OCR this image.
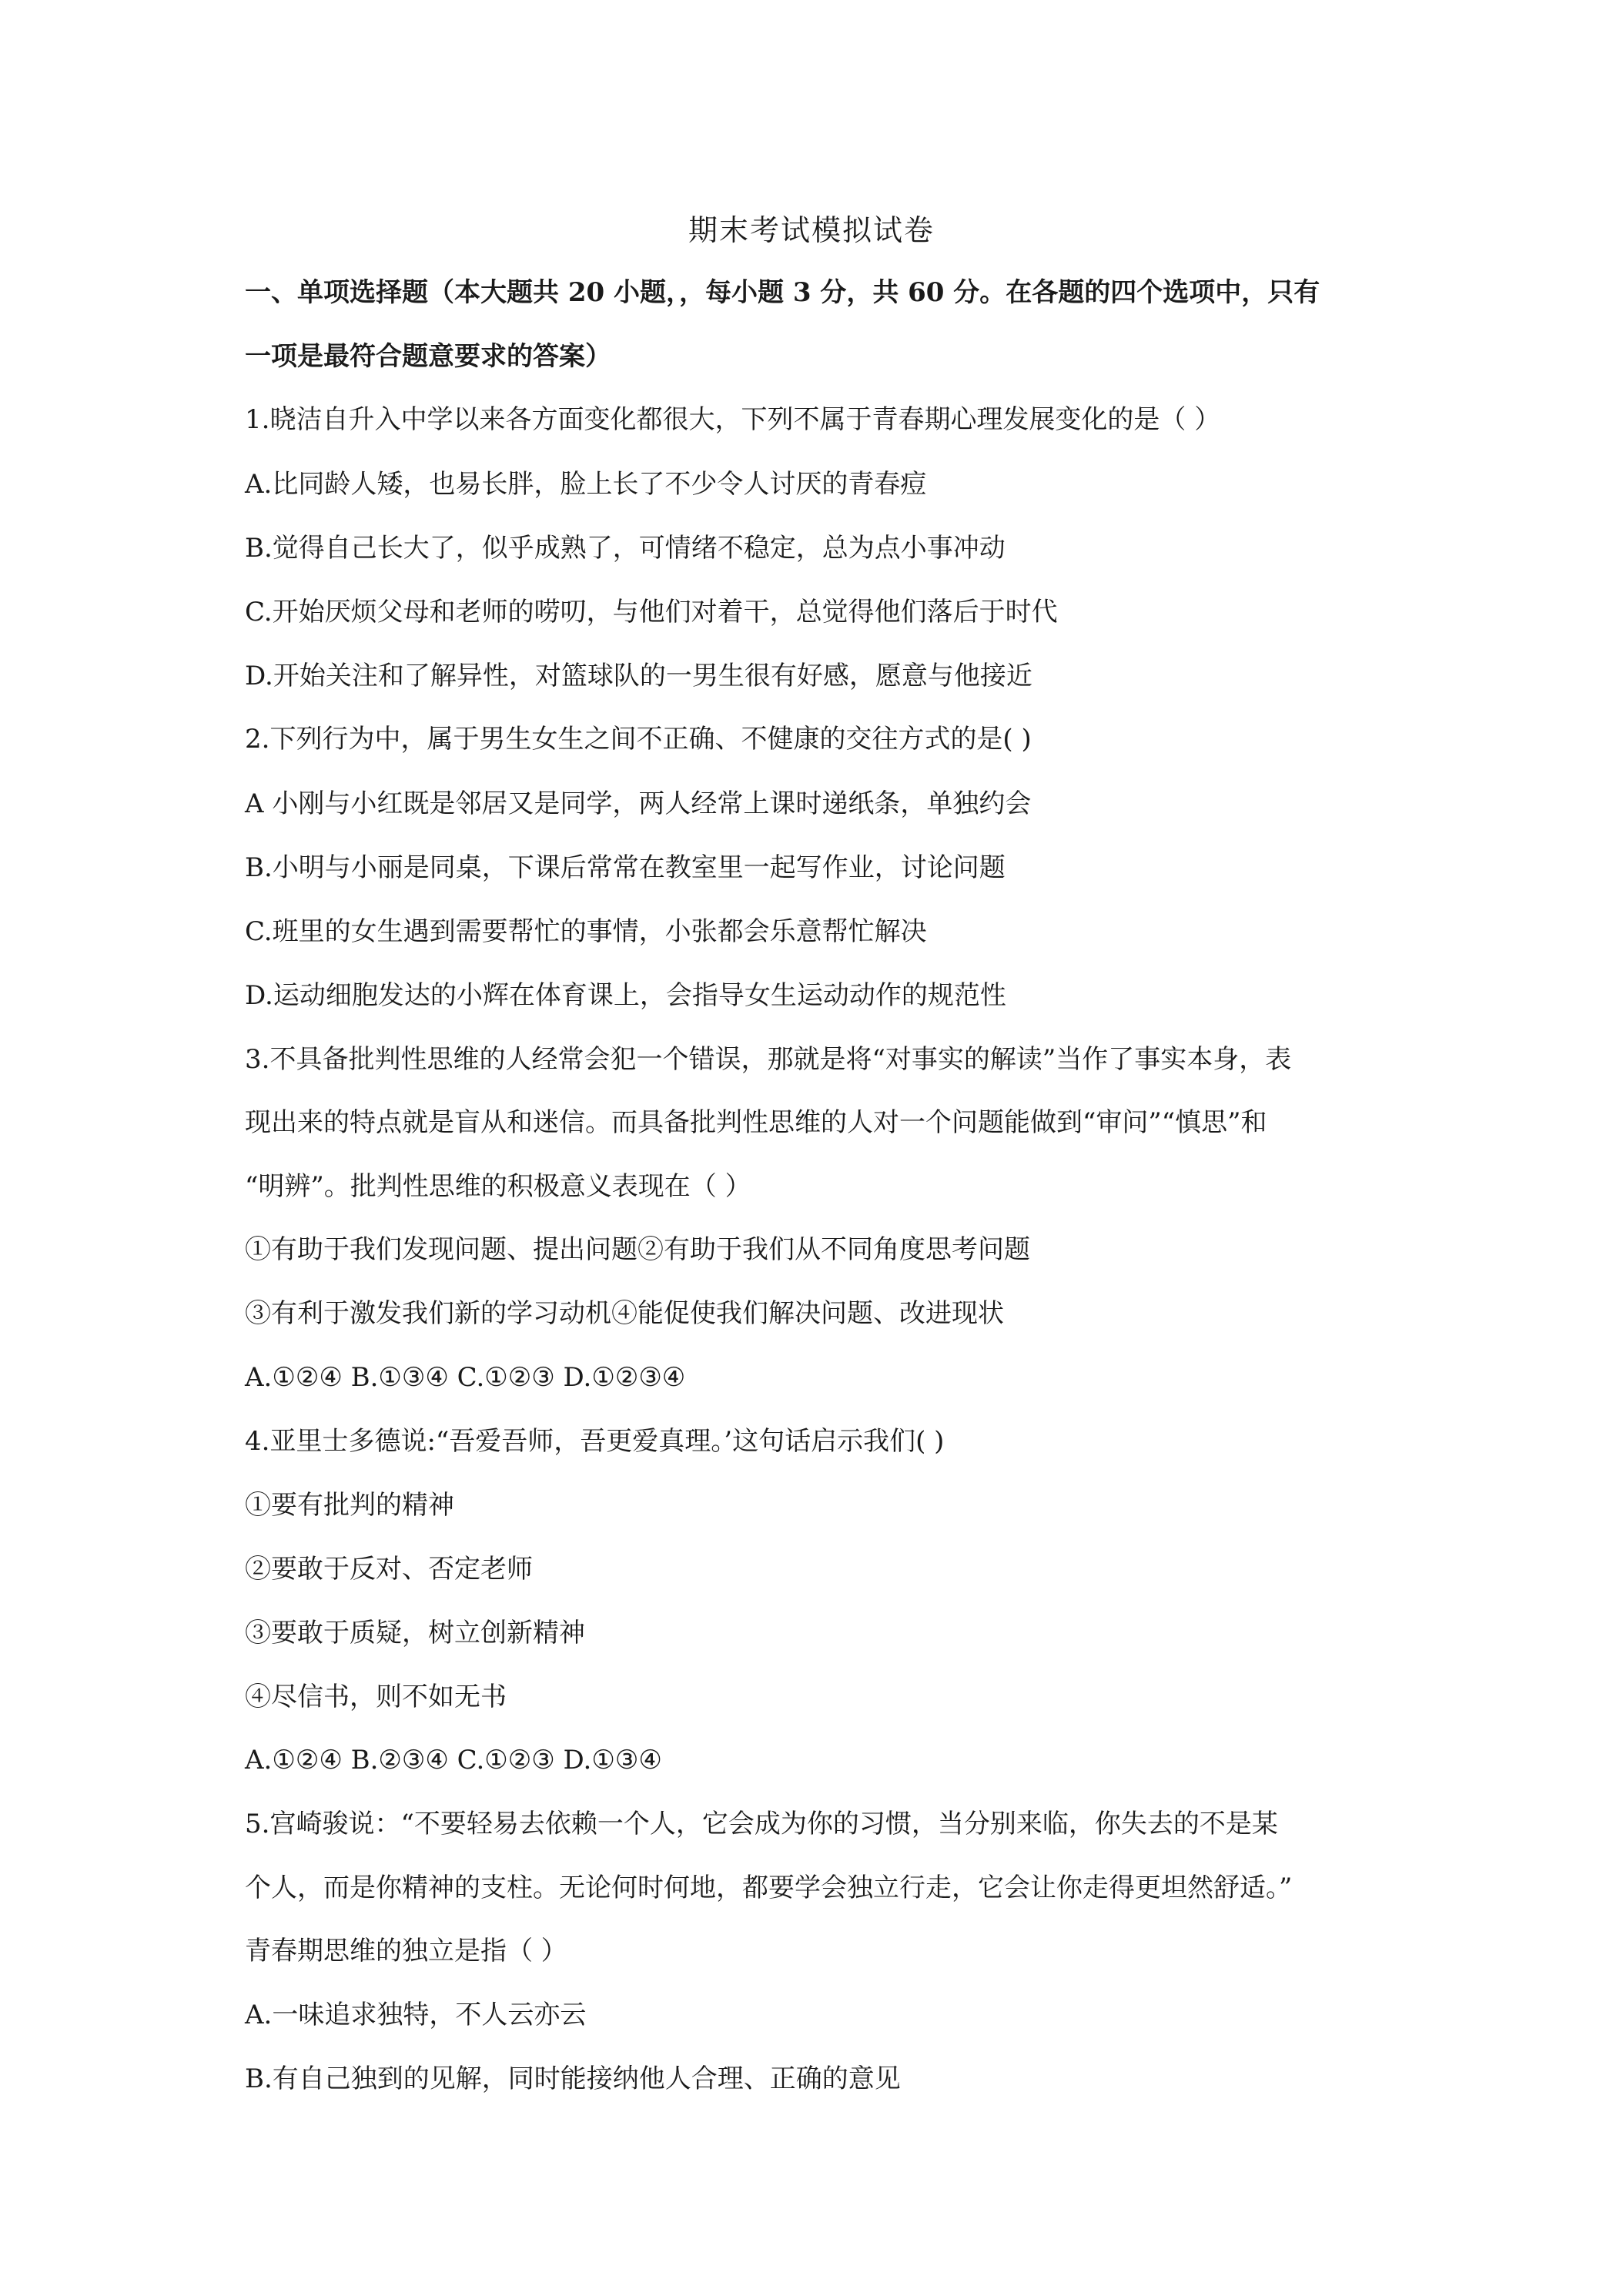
期末考试模拟试卷
一、单项选择题（本大题共 20 小题，，每小题 3 分，共 60 分。在各题的四个选项中，只有
一项是最符合题意要求的答案）
1.晓洁自升入中学以来各方面变化都很大，下列不属于青春期心理发展变化的是（ ）
A.比同龄人矮，也易长胖，脸上长了不少令人讨厌的青春痘
B.觉得自己长大了，似乎成熟了，可情绪不稳定，总为点小事冲动
C.开始厌烦父母和老师的唠叨，与他们对着干，总觉得他们落后于时代
D.开始关注和了解异性，对篮球队的一男生很有好感，愿意与他接近
2.下列行为中，属于男生女生之间不正确、不健康的交往方式的是( )
A 小刚与小红既是邻居又是同学，两人经常上课时递纸条，单独约会
B.小明与小丽是同桌，下课后常常在教室里一起写作业，讨论问题
C.班里的女生遇到需要帮忙的事情，小张都会乐意帮忙解决
D.运动细胞发达的小辉在体育课上，会指导女生运动动作的规范性
3.不具备批判性思维的人经常会犯一个错误，那就是将“对事实的解读”当作了事实本身，表
现出来的特点就是盲从和迷信。而具备批判性思维的人对一个问题能做到“审问”“慎思”和
“明辨”。批判性思维的积极意义表现在（ ）
①有助于我们发现问题、提出问题②有助于我们从不同角度思考问题
③有利于激发我们新的学习动机④能促使我们解决问题、改进现状
A.①②④ B.①③④ C.①②③ D.①②③④
4.亚里士多德说:“吾爱吾师，吾更爱真理。’这句话启示我们( )
①要有批判的精神
②要敢于反对、否定老师
③要敢于质疑，树立创新精神
④尽信书，则不如无书
A.①②④ B.②③④ C.①②③ D.①③④
5.宫崎骏说：“不要轻易去依赖一个人，它会成为你的习惯，当分别来临，你失去的不是某
个人，而是你精神的支柱。无论何时何地，都要学会独立行走，它会让你走得更坦然舒适。”
青春期思维的独立是指（ ）
A.一味追求独特，不人云亦云
B.有自己独到的见解，同时能接纳他人合理、正确的意见
